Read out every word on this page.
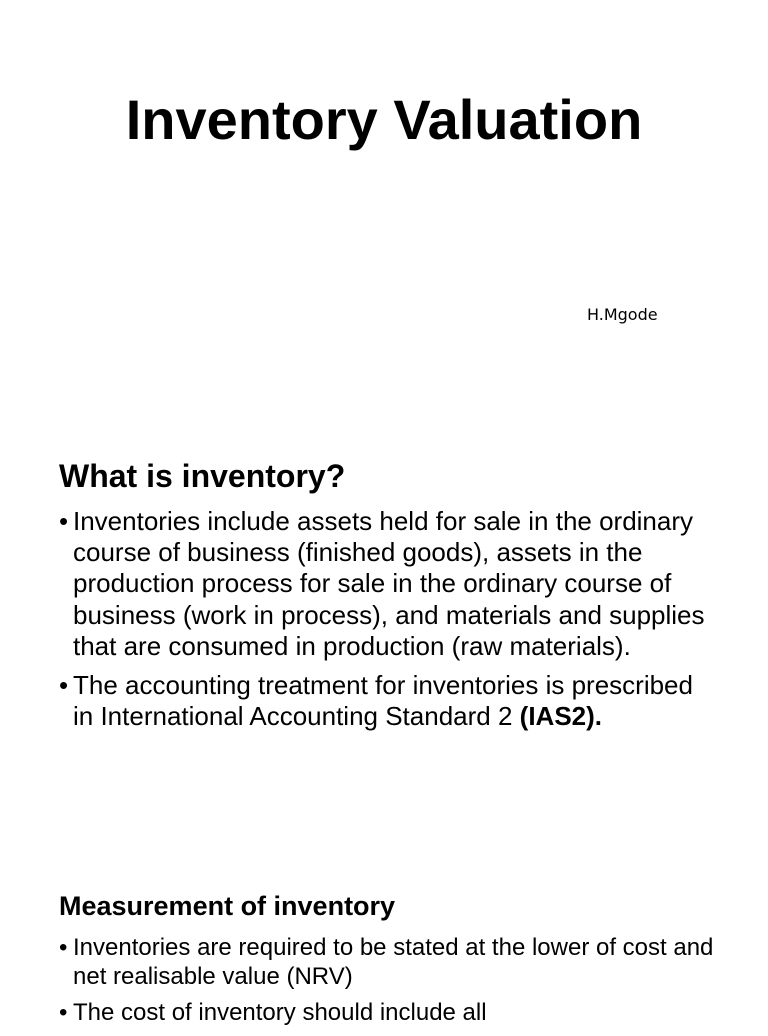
Inventory Valuation

H.Mgode

What is inventory?
• Inventories include assets held for sale in the ordinary course of business (finished goods), assets in the production process for sale in the ordinary course of business (work in process), and materials and supplies that are consumed in production (raw materials).
• The accounting treatment for inventories is prescribed in International Accounting Standard 2 (IAS2).
Measurement of inventory
• Inventories are required to be stated at the lower of cost and net realisable value (NRV)
• The cost of inventory should include all
